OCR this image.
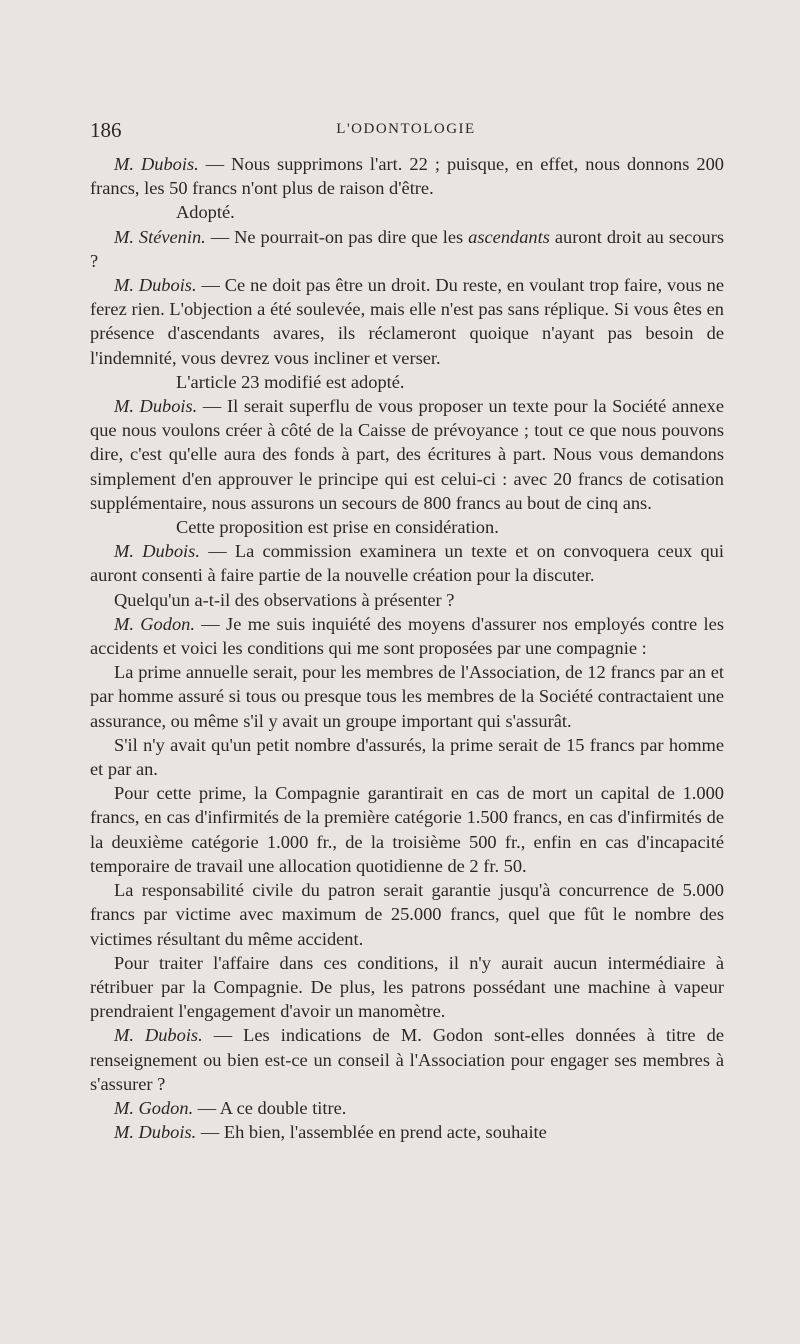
186	L'ODONTOLOGIE

M. Dubois. — Nous supprimons l'art. 22 ; puisque, en effet, nous donnons 200 francs, les 50 francs n'ont plus de raison d'être.

Adopté.

M. Stévenin. — Ne pourrait-on pas dire que les ascendants auront droit au secours ?

M. Dubois. — Ce ne doit pas être un droit. Du reste, en voulant trop faire, vous ne ferez rien. L'objection a été soulevée, mais elle n'est pas sans réplique. Si vous êtes en présence d'ascendants avares, ils réclameront quoique n'ayant pas besoin de l'indemnité, vous devrez vous incliner et verser.

L'article 23 modifié est adopté.

M. Dubois. — Il serait superflu de vous proposer un texte pour la Société annexe que nous voulons créer à côté de la Caisse de prévoyance ; tout ce que nous pouvons dire, c'est qu'elle aura des fonds à part, des écritures à part. Nous vous demandons simplement d'en approuver le principe qui est celui-ci : avec 20 francs de cotisation supplémentaire, nous assurons un secours de 800 francs au bout de cinq ans.

Cette proposition est prise en considération.

M. Dubois. — La commission examinera un texte et on convoquera ceux qui auront consenti à faire partie de la nouvelle création pour la discuter.

Quelqu'un a-t-il des observations à présenter ?

M. Godon. — Je me suis inquiété des moyens d'assurer nos employés contre les accidents et voici les conditions qui me sont proposées par une compagnie :

La prime annuelle serait, pour les membres de l'Association, de 12 francs par an et par homme assuré si tous ou presque tous les membres de la Société contractaient une assurance, ou même s'il y avait un groupe important qui s'assurât.

S'il n'y avait qu'un petit nombre d'assurés, la prime serait de 15 francs par homme et par an.

Pour cette prime, la Compagnie garantirait en cas de mort un capital de 1.000 francs, en cas d'infirmités de la première catégorie 1.500 francs, en cas d'infirmités de la deuxième catégorie 1.000 fr., de la troisième 500 fr., enfin en cas d'incapacité temporaire de travail une allocation quotidienne de 2 fr. 50.

La responsabilité civile du patron serait garantie jusqu'à concurrence de 5.000 francs par victime avec maximum de 25.000 francs, quel que fût le nombre des victimes résultant du même accident.

Pour traiter l'affaire dans ces conditions, il n'y aurait aucun intermédiaire à rétribuer par la Compagnie. De plus, les patrons possédant une machine à vapeur prendraient l'engagement d'avoir un manomètre.

M. Dubois. — Les indications de M. Godon sont-elles données à titre de renseignement ou bien est-ce un conseil à l'Association pour engager ses membres à s'assurer ?

M. Godon. — A ce double titre.

M. Dubois. — Eh bien, l'assemblée en prend acte, souhaite
